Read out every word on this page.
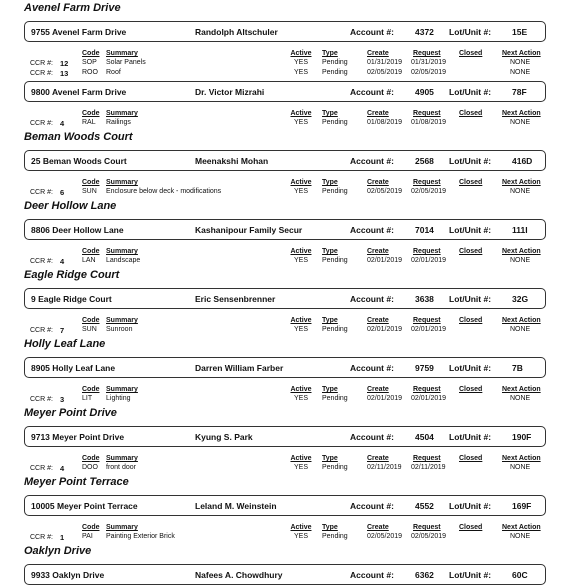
Avenel Farm Drive
9755 Avenel Farm Drive	Randolph Altschuler	Account #: 4372 Lot/Unit #: 15E
Code Summary	Active	Type	Create	Request	Closed	Next Action
CCR #: 12 SOP Solar Panels	YES	Pending	01/31/2019 01/31/2019	NONE
CCR #: 13 ROO Roof	YES	Pending	02/05/2019 02/05/2019	NONE
9800 Avenel Farm Drive	Dr. Victor Mizrahi	Account #: 4905 Lot/Unit #: 78F
Code Summary	Active	Type	Create	Request	Closed	Next Action
CCR #: 4	RAL Railings	YES	Pending	01/08/2019 01/08/2019	NONE
Beman Woods Court
25 Beman Woods Court	Meenakshi Mohan	Account #: 2568 Lot/Unit #: 416D
Code Summary	Active	Type	Create	Request	Closed	Next Action
CCR #: 6	SUN Enclosure below deck - modifications	YES	Pending	02/05/2019 02/05/2019	NONE
Deer Hollow Lane
8806 Deer Hollow Lane	Kashanipour Family Secur	Account #: 7014 Lot/Unit #: 111I
Code Summary	Active	Type	Create	Request	Closed	Next Action
CCR #: 4	LAN Landscape	YES	Pending	02/01/2019 02/01/2019	NONE
Eagle Ridge Court
9 Eagle Ridge Court	Eric Sensenbrenner	Account #: 3638 Lot/Unit #: 32G
Code Summary	Active	Type	Create	Request	Closed	Next Action
CCR #: 7	SUN Sunroon	YES	Pending	02/01/2019 02/01/2019	NONE
Holly Leaf Lane
8905 Holly Leaf Lane	Darren William Farber	Account #: 9759 Lot/Unit #: 7B
Code Summary	Active	Type	Create	Request	Closed	Next Action
CCR #: 3	LIT Lighting	YES	Pending	02/01/2019 02/01/2019	NONE
Meyer Point Drive
9713 Meyer Point Drive	Kyung S. Park	Account #: 4504 Lot/Unit #: 190F
Code Summary	Active	Type	Create	Request	Closed	Next Action
CCR #: 4	DOO front door	YES	Pending	02/11/2019 02/11/2019	NONE
Meyer Point Terrace
10005 Meyer Point Terrace	Leland M. Weinstein	Account #: 4552 Lot/Unit #: 169F
Code Summary	Active	Type	Create	Request	Closed	Next Action
CCR #: 1	PAI Painting Exterior Brick	YES	Pending	02/05/2019 02/05/2019	NONE
Oaklyn Drive
9933 Oaklyn Drive	Nafees A. Chowdhury	Account #: 6362 Lot/Unit #: 60C
